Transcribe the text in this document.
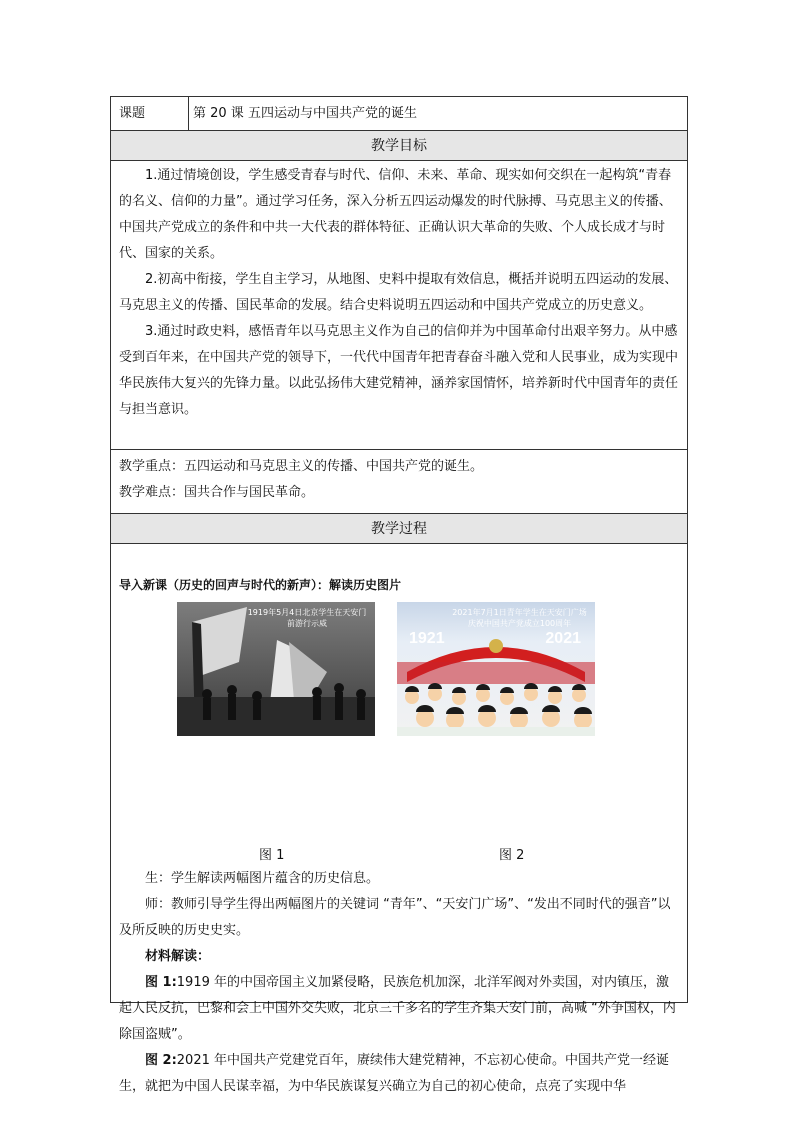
课题	第 20 课 五四运动与中国共产党的诞生
教学目标

1.通过情境创设，学生感受青春与时代、信仰、未来、革命、现实如何交织在一起构筑“青春的名义、信仰的力量”。通过学习任务，深入分析五四运动爆发的时代脉搏、马克思主义的传播、中国共产党成立的条件和中共一大代表的群体特征、正确认识大革命的失败、个人成长成才与时代、国家的关系。

2.初高中衔接，学生自主学习，从地图、史料中提取有效信息，概括并说明五四运动的发展、马克思主义的传播、国民革命的发展。结合史料说明五四运动和中国共产党成立的历史意义。

3.通过时政史料，感悟青年以马克思主义作为自己的信仰并为中国革命付出艰辛努力。从中感受到百年来，在中国共产党的领导下，一代代中国青年把青春奋斗融入党和人民事业，成为实现中华民族伟大复兴的先锋力量。以此弘扬伟大建党精神，涵养家国情怀，培养新时代中国青年的责任与担当意识。

教学重点：五四运动和马克思主义的传播、中国共产党的诞生。

教学难点：国共合作与国民革命。

教学过程

导入新课（历史的回声与时代的新声）：解读历史图片

1919年5月4日北京学生在天安门前游行示威
图 1
1921	2021
2021年7月1日青年学生在天安门广场庆祝中国共产党成立100周年
图 2

生：学生解读两幅图片蕴含的历史信息。

师：教师引导学生得出两幅图片的关键词 “青年”、“天安门广场”、“发出不同时代的强音”以及所反映的历史史实。

材料解读：

图 1:1919 年的中国帝国主义加紧侵略，民族危机加深，北洋军阀对外卖国，对内镇压，激起人民反抗，巴黎和会上中国外交失败，北京三千多名的学生齐集天安门前，高喊 “外争国权，内除国盗贼”。

图 2:2021 年中国共产党建党百年，赓续伟大建党精神，不忘初心使命。中国共产党一经诞生，就把为中国人民谋幸福，为中华民族谋复兴确立为自己的初心使命，点亮了实现中华
